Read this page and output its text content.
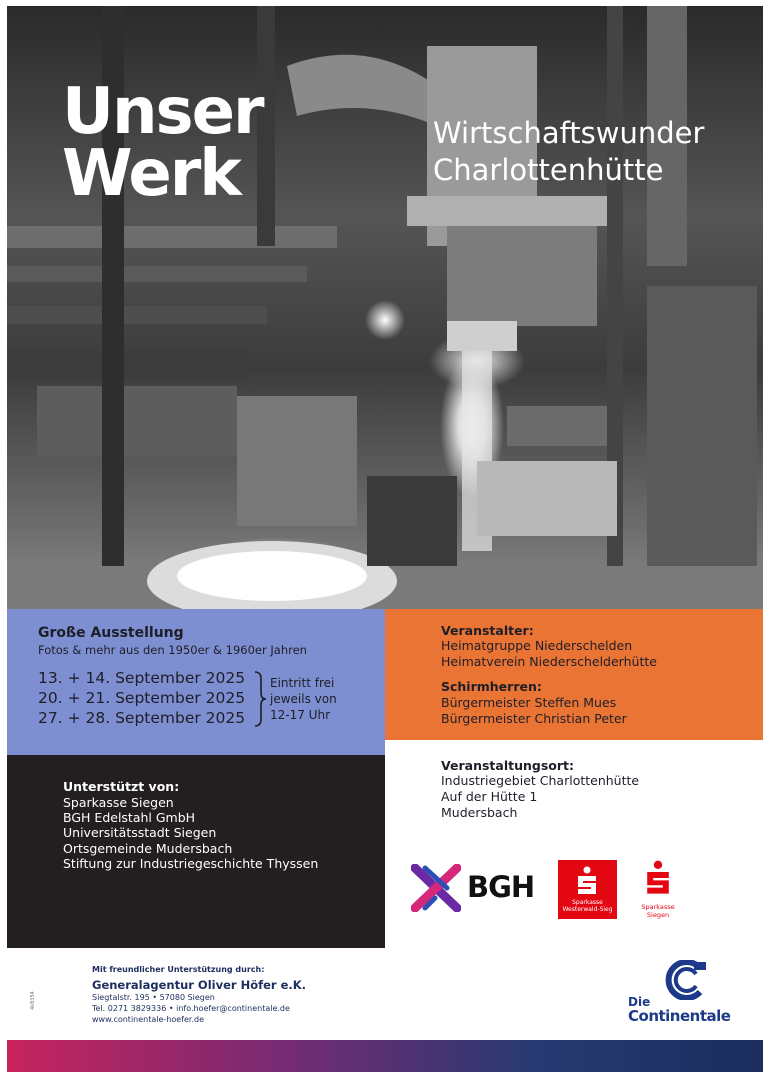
Unser
Werk
Wirtschaftswunder
Charlottenhütte
Große Ausstellung
Fotos & mehr aus den 1950er & 1960er Jahren
13. + 14. September 2025
20. + 21. September 2025
27. + 28. September 2025
Eintritt frei
jeweils von
12-17 Uhr
Veranstalter:
Heimatgruppe Niederschelden
Heimatverein Niederschelderhütte
Schirmherren:
Bürgermeister Steffen Mues
Bürgermeister Christian Peter
Unterstützt von:
Sparkasse Siegen
BGH Edelstahl GmbH
Universitätsstadt Siegen
Ortsgemeinde Mudersbach
Stiftung zur Industriegeschichte Thyssen
Veranstaltungsort:
Industriegebiet Charlottenhütte
Auf der Hütte 1
Mudersbach
BGH	Sparkasse
Westerwald-Sieg	Sparkasse
Siegen
Mit freundlicher Unterstützung durch:
Generalagentur Oliver Höfer e.K.
Siegtalstr. 195 • 57080 Siegen
Tel. 0271 3829336 • info.hoefer@continentale.de
www.continentale-hoefer.de
4k8354	Die
Continentale
